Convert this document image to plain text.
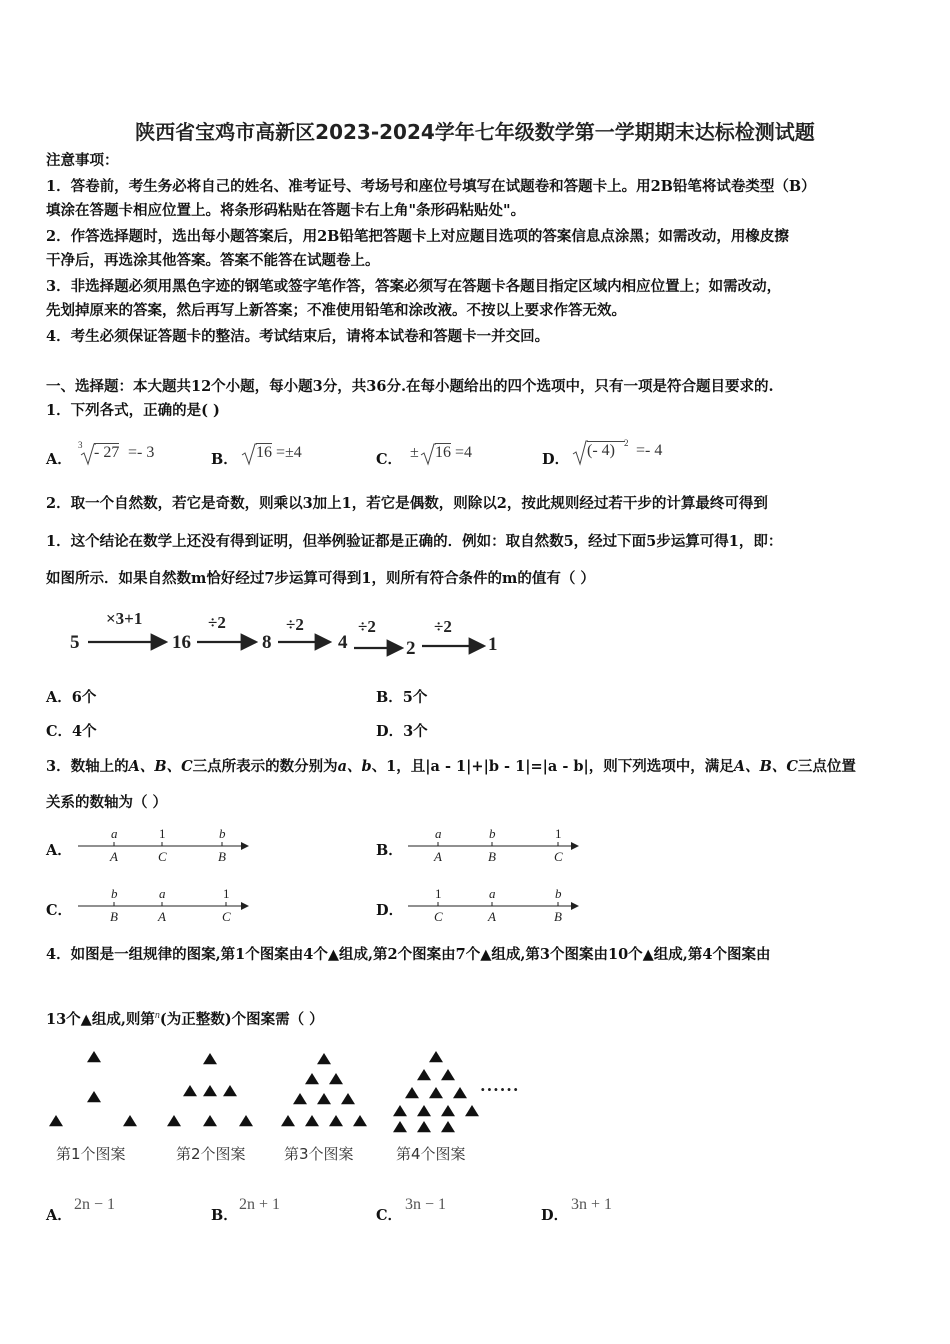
陕西省宝鸡市高新区2023-2024学年七年级数学第一学期期末达标检测试题
注意事项：
1．答卷前，考生务必将自己的姓名、准考证号、考场号和座位号填写在试题卷和答题卡上。用2B铅笔将试卷类型（B）
填涂在答题卡相应位置上。将条形码粘贴在答题卡右上角"条形码粘贴处"。
2．作答选择题时，选出每小题答案后，用2B铅笔把答题卡上对应题目选项的答案信息点涂黑；如需改动，用橡皮擦
干净后，再选涂其他答案。答案不能答在试题卷上。
3．非选择题必须用黑色字迹的钢笔或签字笔作答，答案必须写在答题卡各题目指定区域内相应位置上；如需改动，
先划掉原来的答案，然后再写上新答案；不准使用铅笔和涂改液。不按以上要求作答无效。
4．考生必须保证答题卡的整洁。考试结束后，请将本试卷和答题卡一并交回。
一、选择题：本大题共12个小题，每小题3分，共36分.在每小题给出的四个选项中，只有一项是符合题目要求的.
1．下列各式，正确的是( )
A．
3 - 27 =- 3	B． 16 =±4	C． ± 16 =4	D．
(- 4)	2 =- 4
2．取一个自然数，若它是奇数，则乘以3加上1，若它是偶数，则除以2，按此规则经过若干步的计算最终可得到
1．这个结论在数学上还没有得到证明，但举例验证都是正确的．例如：取自然数5，经过下面5步运算可得1，即：
如图所示．如果自然数m恰好经过7步运算可得到1，则所有符合条件的m的值有（ ）
5	16	8	4	2	1
×3+1	÷2	÷2	÷2	÷2
A．6个	B．5个
C．4个	D．3个
3．数轴上的A、B、C三点所表示的数分别为a、b、1，且|a - 1|+|b - 1|=|a - b|，则下列选项中，满足A、B、C三点位置
关系的数轴为（ ）
A．	B．
C．	D．
a
A
1
C
b
B
a
A
b
B
1
C
b
B
a
A
1
C
1
C
a
A
b
B
4．如图是一组规律的图案,第1个图案由4个▲组成,第2个图案由7个▲组成,第3个图案由10个▲组成,第4个图案由
13个▲组成,则第$^n$(为正整数)个图案需（ ）
第1个图案	第2个图案	第3个图案	第4个图案
······
A．
2n − 1
B．
2n + 1
C．
3n − 1
D．
3n + 1
